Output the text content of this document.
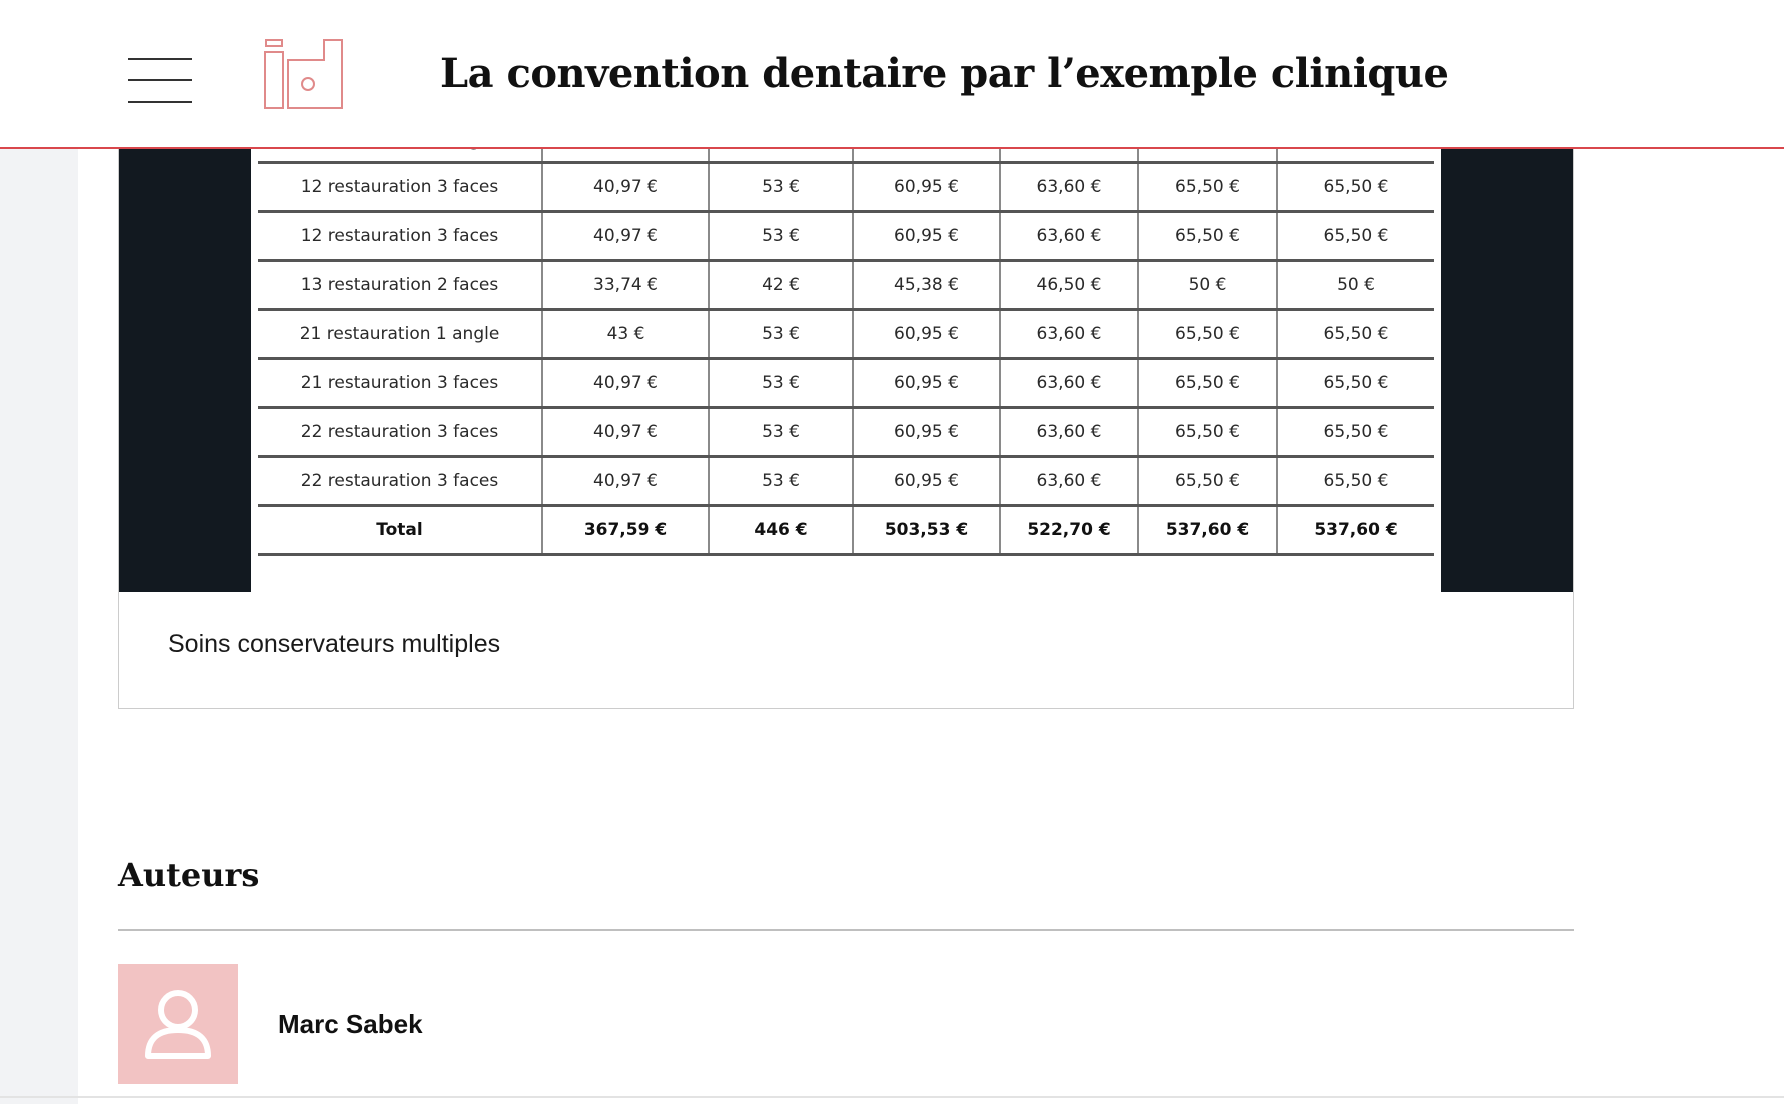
La convention dentaire par l’exemple clinique

12 restauration 3 faces	40,97 €	53 €	60,95 €	63,60 €	65,50 €	65,50 €
12 restauration 3 faces	40,97 €	53 €	60,95 €	63,60 €	65,50 €	65,50 €
13 restauration 2 faces	33,74 €	42 €	45,38 €	46,50 €	50 €	50 €
21 restauration 1 angle	43 €	53 €	60,95 €	63,60 €	65,50 €	65,50 €
21 restauration 3 faces	40,97 €	53 €	60,95 €	63,60 €	65,50 €	65,50 €
22 restauration 3 faces	40,97 €	53 €	60,95 €	63,60 €	65,50 €	65,50 €
22 restauration 3 faces	40,97 €	53 €	60,95 €	63,60 €	65,50 €	65,50 €
Total	367,59 €	446 €	503,53 €	522,70 €	537,60 €	537,60 €
Soins conservateurs multiples
Auteurs
Marc Sabek
